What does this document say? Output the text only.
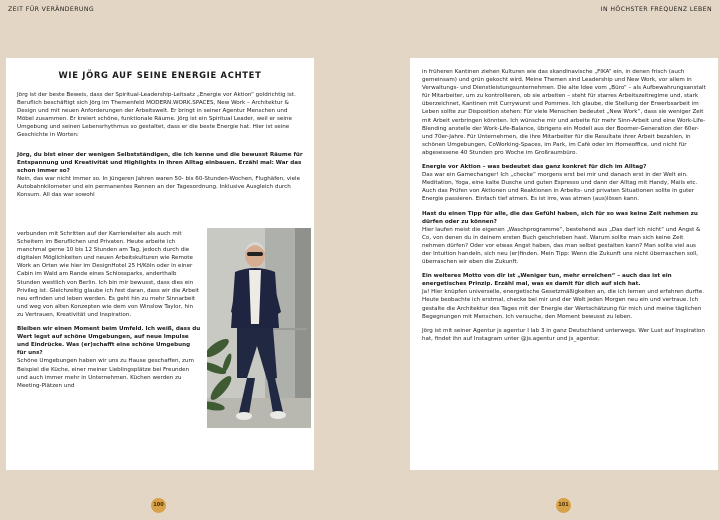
ZEIT FÜR VERÄNDERUNG	IN HÖCHSTER FREQUENZ LEBEN
WIE JÖRG AUF SEINE ENERGIE ACHTET

Jörg ist der beste Beweis, dass der Spiritual-Leadership-Leitsatz „Energie vor Aktion“ goldrichtig ist. Beruflich beschäftigt sich Jörg im Themenfeld MODERN.WORK.SPACES, New Work – Architektur & Design und mit neuen Anforderungen der Arbeitswelt. Er bringt in seiner Agentur Menschen und Möbel zusammen. Er kreiert schöne, funktionale Räume. Jörg ist ein Spiritual Leader, weil er seine Umgebung und seinen Lebensrhythmus so gestaltet, dass er die beste Energie hat. Hier ist seine Geschichte in Worten:

Jörg, du bist einer der wenigen Selbstständigen, die ich kenne und die bewusst Räume für Entspannung und Kreativität und Highlights in ihren Alltag einbauen. Erzähl mal: War das schon immer so?

Nein, das war nicht immer so. In jüngeren Jahren waren 50- bis 60-Stunden-Wochen, Flughäfen, viele Autobahnkilometer und ein permanentes Rennen an der Tagesordnung. Inklusive Ausgleich durch Konsum. All das war sowohl

verbunden mit Schritten auf der Karriereleiter als auch mit Scheitern im Beruflichen und Privaten. Heute arbeite ich manchmal gerne 10 bis 12 Stunden am Tag, jedoch durch die digitalen Möglichkeiten und neuen Arbeitskulturen wie Remote Work an Orten wie hier im DesignHotel 25 H/Köln oder in einer Cabin im Wald am Rande eines Schlossparks, anderthalb Stunden westlich von Berlin. Ich bin mir bewusst, dass dies ein Privileg ist. Gleichzeitig glaube ich fest daran, dass wir die Arbeit neu erfinden und leben werden. Es geht hin zu mehr Sinnarbeit und weg von alten Konzepten wie dem von Winslow Taylor, hin zu Vertrauen, Kreativität und Inspiration.

Bleiben wir einen Moment beim Umfeld. Ich weiß, dass du Wert legst auf schöne Umgebungen, auf neue Impulse und Eindrücke. Was (er)schafft eine schöne Umgebung für uns?

Schöne Umgebungen haben wir uns zu Hause geschaffen, zum Beispiel die Küche, einer meiner Lieblingsplätze bei Freunden und auch immer mehr in Unternehmen. Küchen werden zu Meeting-Plätzen und

in früheren Kantinen ziehen Kulturen wie das skandinavische „FIKA“ ein, in denen frisch (auch gemeinsam) und grün gekocht wird. Meine Themen sind Leadership und New Work, vor allem in Verwaltungs- und Dienstleistungsunternehmen. Die alte Idee vom „Büro“ – als Aufbewahrungsanstalt für Mitarbeiter, um zu kontrollieren, ob sie arbeiten – steht für starres Arbeitszeitregime und, stark überzeichnet, Kantinen mit Currywurst und Pommes. Ich glaube, die Stellung der Erwerbsarbeit im Leben sollte zur Disposition stehen: Für viele Menschen bedeutet „New Work“, dass sie weniger Zeit mit Arbeit verbringen könnten. Ich wünsche mir und arbeite für mehr Sinn-Arbeit und eine Work-Life-Blending anstelle der Work-Life-Balance, übrigens ein Modell aus der Boomer-Generation der 60er- und 70er-Jahre. Für Unternehmen, die ihre Mitarbeiter für die Resultate ihrer Arbeit bezahlen, in schönen Umgebungen, CoWorking-Spaces, im Park, im Café oder im Homeoffice, und nicht für abgesessene 40 Stunden pro Woche im Großraumbüro.

Energie vor Aktion – was bedeutet das ganz konkret für dich im Alltag?

Das war ein Gamechanger! Ich „checke“ morgens erst bei mir und danach erst in der Welt ein. Meditation, Yoga, eine kalte Dusche und guten Espresso und dann der Alltag mit Handy, Mails etc. Auch das Prüfen von Aktionen und Reaktionen in Arbeits- und privaten Situationen sollte in guter Energie passieren. Einfach tief atmen. Es ist irre, was atmen (aus)lösen kann.

Hast du einen Tipp für alle, die das Gefühl haben, sich für so was keine Zeit nehmen zu dürfen oder zu können?

Hier laufen meist die eigenen „Waschprogramme“, bestehend aus „Das darf ich nicht“ und Angst & Co, von denen du in deinem ersten Buch geschrieben hast. Warum sollte man sich keine Zeit nehmen dürfen? Oder vor etwas Angst haben, das man selbst gestalten kann? Man sollte viel aus der Intuition handeln, sich neu (er)finden. Mein Tipp: Wenn die Zukunft uns nicht überraschen soll, überraschen wir eben die Zukunft.

Ein weiteres Motto von dir ist „Weniger tun, mehr erreichen“ – auch das ist ein energetisches Prinzip. Erzähl mal, was es damit für dich auf sich hat.

Ja! Hier knüpfen universelle, energetische Gesetzmäßigkeiten an, die ich lernen und erfahren durfte. Heute beobachte ich erstmal, checke bei mir und der Welt jeden Morgen neu ein und vertraue. Ich gestalte die Architektur des Tages mit der Energie der Wertschätzung für mich und meine täglichen Begegnungen mit Menschen. Ich versuche, den Moment bewusst zu leben.

Jörg ist mit seiner Agentur js agentur I lab 3 in ganz Deutschland unterwegs. Wer Lust auf Inspiration hat, findet ihn auf Instagram unter @js.agentur und js_agentur.

100	101
